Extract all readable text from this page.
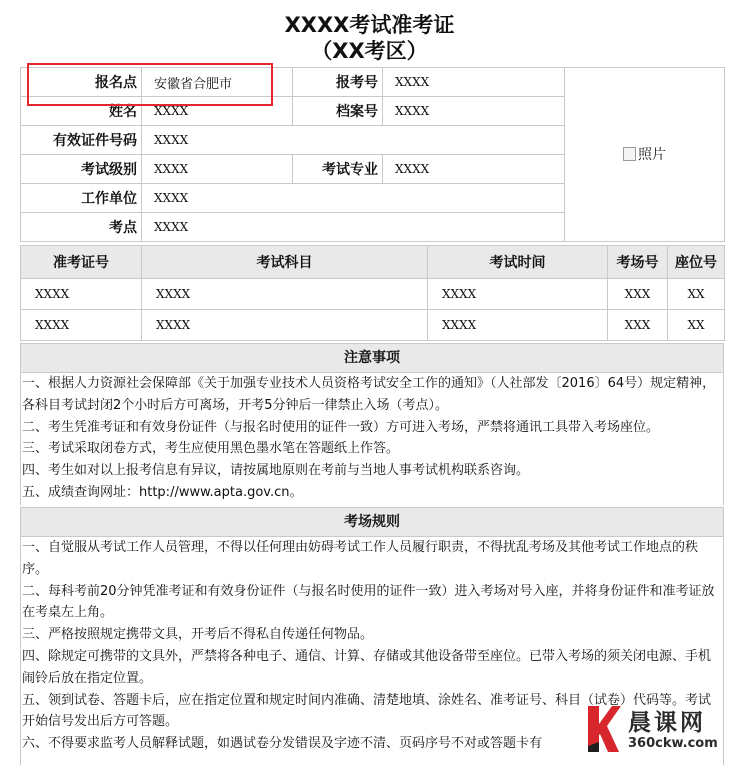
XXXX考试准考证
（XX考区）
报名点	安徽省合肥市	报考号	XXXX	照片

姓名	XXXX	档案号	XXXX	
有效证件号码	XXXX			
考试级别	XXXX	考试专业	XXXX	
工作单位	XXXX			
考点	XXXX			
准考证号	考试科目	考试时间	考场号	座位号
XXXX	XXXX	XXXX	XXX	XX
XXXX	XXXX	XXXX	XXX	XX
注意事项

一、根据人力资源社会保障部《关于加强专业技术人员资格考试安全工作的通知》（人社部发〔2016〕64号）规定精神，各科目考试封闭2个小时后方可离场，开考5分钟后一律禁止入场（考点）。

二、考生凭准考证和有效身份证件（与报名时使用的证件一致）方可进入考场，严禁将通讯工具带入考场座位。

三、考试采取闭卷方式，考生应使用黑色墨水笔在答题纸上作答。

四、考生如对以上报考信息有异议，请按属地原则在考前与当地人事考试机构联系咨询。

五、成绩查询网址：http://www.apta.gov.cn。

考场规则

一、自觉服从考试工作人员管理，不得以任何理由妨碍考试工作人员履行职责，不得扰乱考场及其他考试工作地点的秩序。

二、每科考前20分钟凭准考证和有效身份证件（与报名时使用的证件一致）进入考场对号入座，并将身份证件和准考证放在考桌左上角。

三、严格按照规定携带文具，开考后不得私自传递任何物品。

四、除规定可携带的文具外，严禁将各种电子、通信、计算、存储或其他设备带至座位。已带入考场的须关闭电源、手机闹铃后放在指定位置。

五、领到试卷、答题卡后，应在指定位置和规定时间内准确、清楚地填、涂姓名、准考证号、科目（试卷）代码等。考试开始信号发出后方可答题。

六、不得要求监考人员解释试题，如遇试卷分发错误及字迹不清、页码序号不对或答题卡有

晨课网
360ckw.com
